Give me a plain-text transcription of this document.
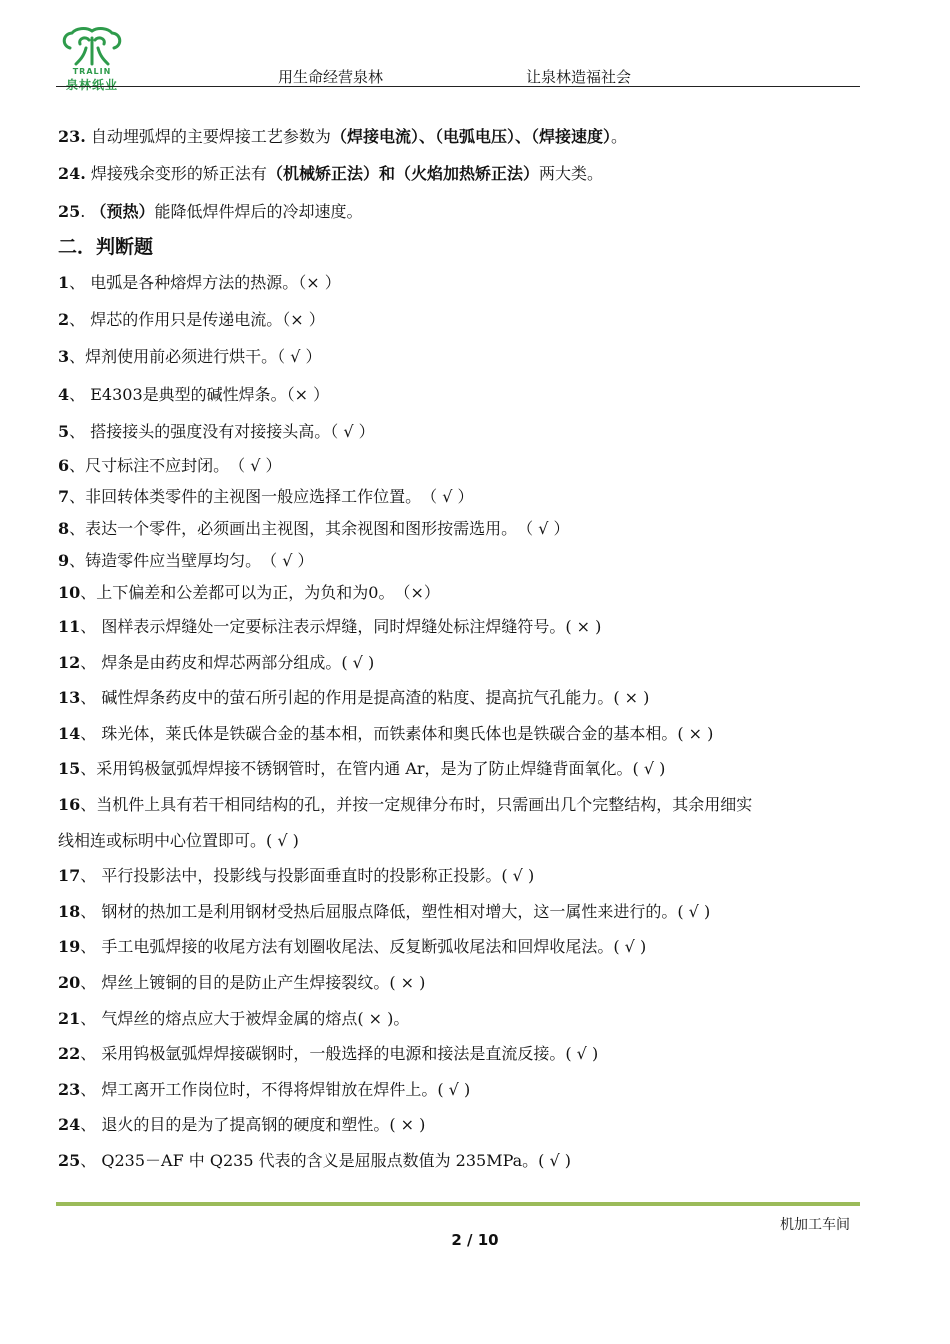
TRALIN
泉林纸业	用生命经营泉林	让泉林造福社会
23. 自动埋弧焊的主要焊接工艺参数为（焊接电流）、（电弧电压）、（焊接速度）。
24. 焊接残余变形的矫正法有（机械矫正法）和（火焰加热矫正法）两大类。
25. （预热）能降低焊件焊后的冷却速度。
二．判断题
1、 电弧是各种熔焊方法的热源。（× ）
2、 焊芯的作用只是传递电流。（× ）
3、焊剂使用前必须进行烘干。（ √ ）
4、 E4303是典型的碱性焊条。（× ）
5、 搭接接头的强度没有对接接头高。（ √ ）
6、尺寸标注不应封闭。　（ √ ）
7、非回转体类零件的主视图一般应选择工作位置。　（ √ ）
8、表达一个零件，必须画出主视图，其余视图和图形按需选用。　（ √ ）
9、铸造零件应当壁厚均匀。　（ √ ）
10、上下偏差和公差都可以为正，为负和为0。　（×）
11、 图样表示焊缝处一定要标注表示焊缝，同时焊缝处标注焊缝符号。( × )
12、 焊条是由药皮和焊芯两部分组成。( √ )
13、 碱性焊条药皮中的萤石所引起的作用是提高渣的粘度、提高抗气孔能力。( × )
14、 珠光体，莱氏体是铁碳合金的基本相，而铁素体和奥氏体也是铁碳合金的基本相。( × )
15、采用钨极氩弧焊焊接不锈钢管时，在管内通 Ar，是为了防止焊缝背面氧化。( √ )
16、当机件上具有若干相同结构的孔，并按一定规律分布时，只需画出几个完整结构，其余用细实
线相连或标明中心位置即可。( √ )
17、 平行投影法中，投影线与投影面垂直时的投影称正投影。( √ )
18、 钢材的热加工是利用钢材受热后屈服点降低，塑性相对增大，这一属性来进行的。( √ )
19、 手工电弧焊接的收尾方法有划圈收尾法、反复断弧收尾法和回焊收尾法。( √ )
20、 焊丝上镀铜的目的是防止产生焊接裂纹。( × )
21、 气焊丝的熔点应大于被焊金属的熔点( × )。
22、 采用钨极氩弧焊焊接碳钢时，一般选择的电源和接法是直流反接。( √ )
23、 焊工离开工作岗位时，不得将焊钳放在焊件上。( √ )
24、 退火的目的是为了提高钢的硬度和塑性。( × )
25、 Q235－AF 中 Q235 代表的含义是屈服点数值为 235MPa。( √ )
机加工车间
2 / 10
